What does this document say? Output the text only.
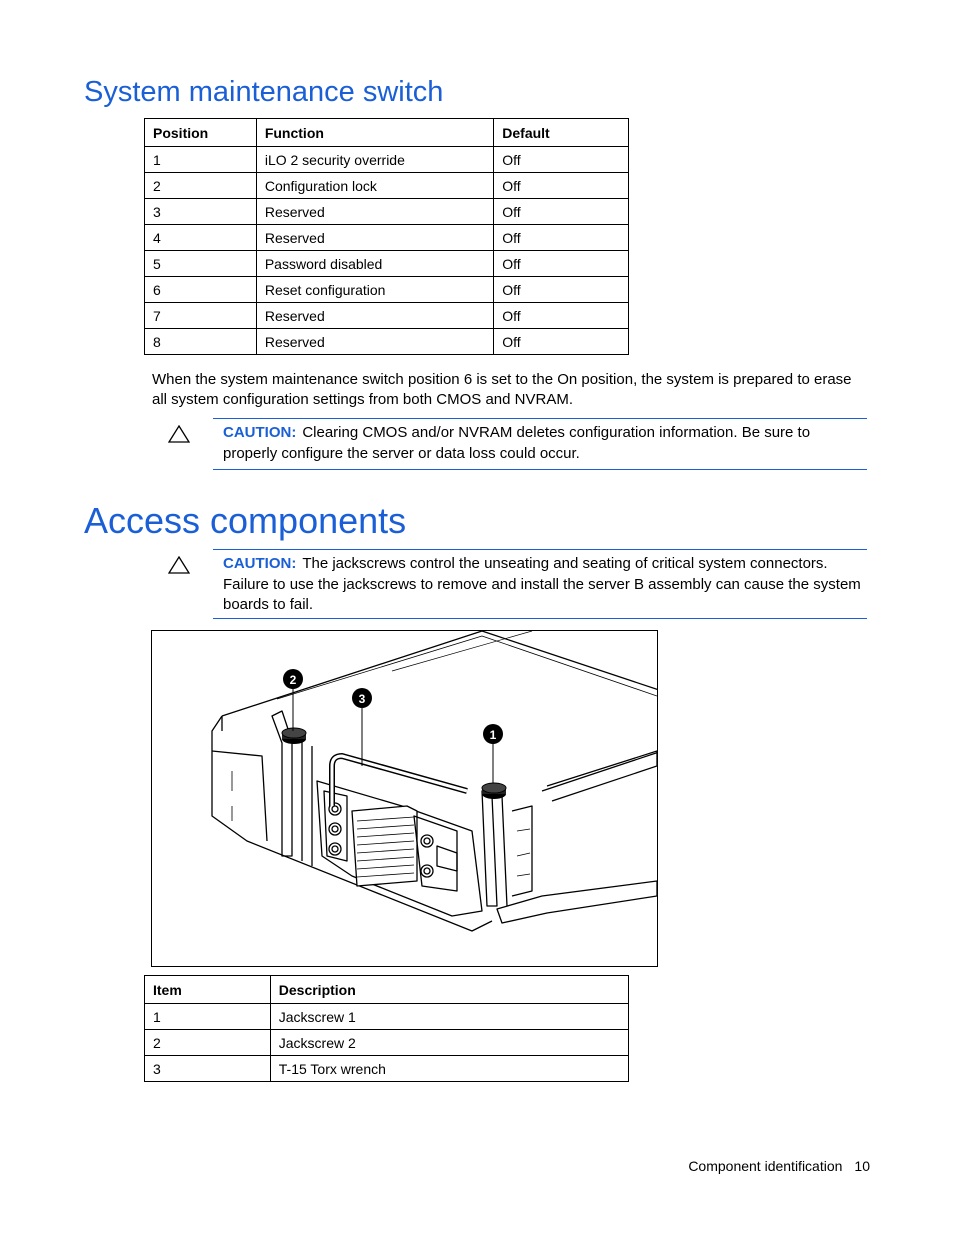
System maintenance switch
Position	Function	Default
1	iLO 2 security override	Off
2	Configuration lock	Off
3	Reserved	Off
4	Reserved	Off
5	Password disabled	Off
6	Reset configuration	Off
7	Reserved	Off
8	Reserved	Off

When the system maintenance switch position 6 is set to the On position, the system is prepared to erase all system configuration settings from both CMOS and NVRAM.

CAUTION: Clearing CMOS and/or NVRAM deletes configuration information. Be sure to properly configure the server or data loss could occur.
Access components
CAUTION: The jackscrews control the unseating and seating of critical system connectors. Failure to use the jackscrews to remove and install the server B assembly can cause the system boards to fail.
2
3
1
Item	Description
1	Jackscrew 1
2	Jackscrew 2
3	T-15 Torx wrench
Component identification 10
